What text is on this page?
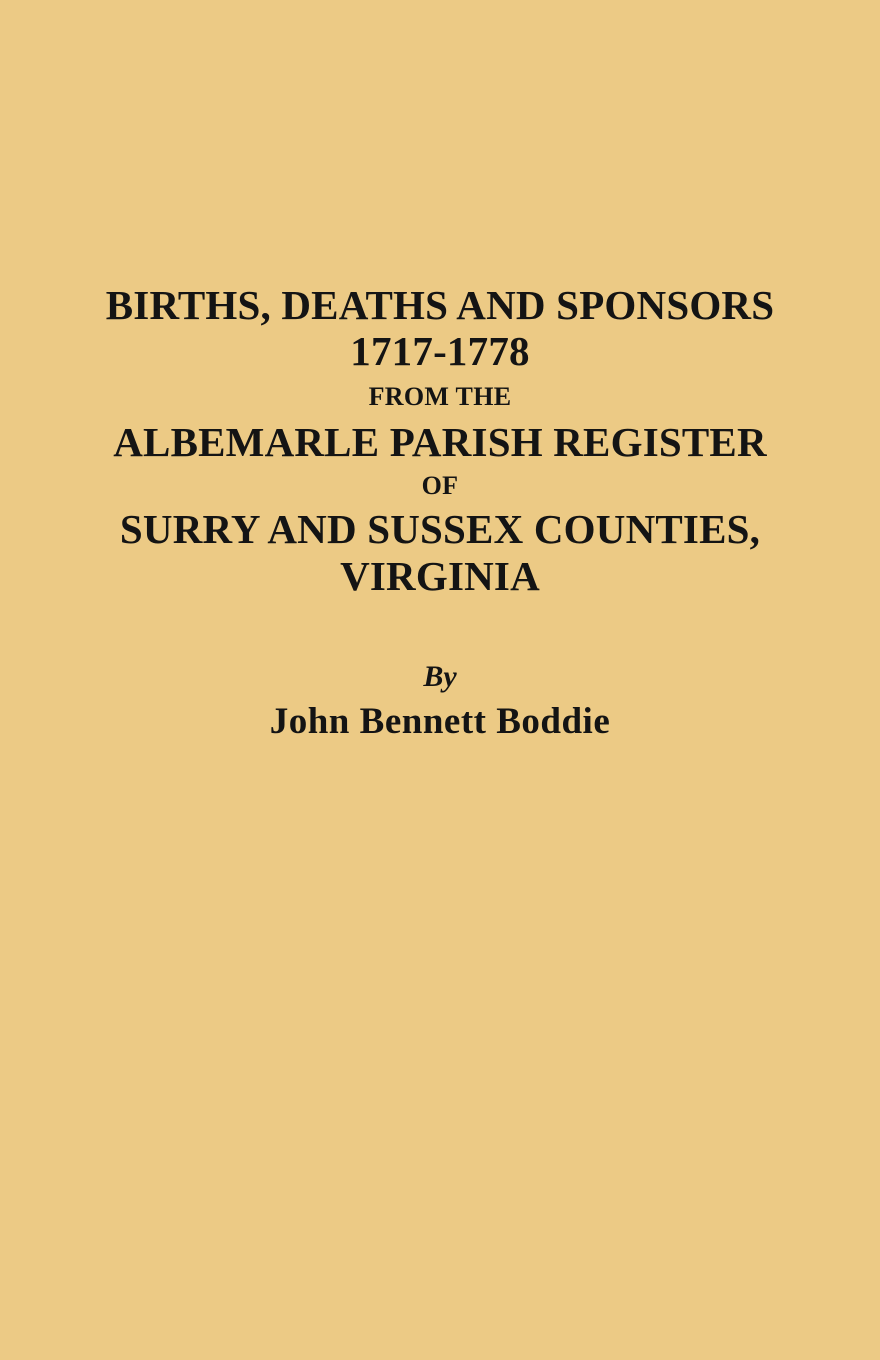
BIRTHS, DEATHS AND SPONSORS
1717-1778
FROM THE
ALBEMARLE PARISH REGISTER
OF
SURRY AND SUSSEX COUNTIES,
VIRGINIA
By
John Bennett Boddie
